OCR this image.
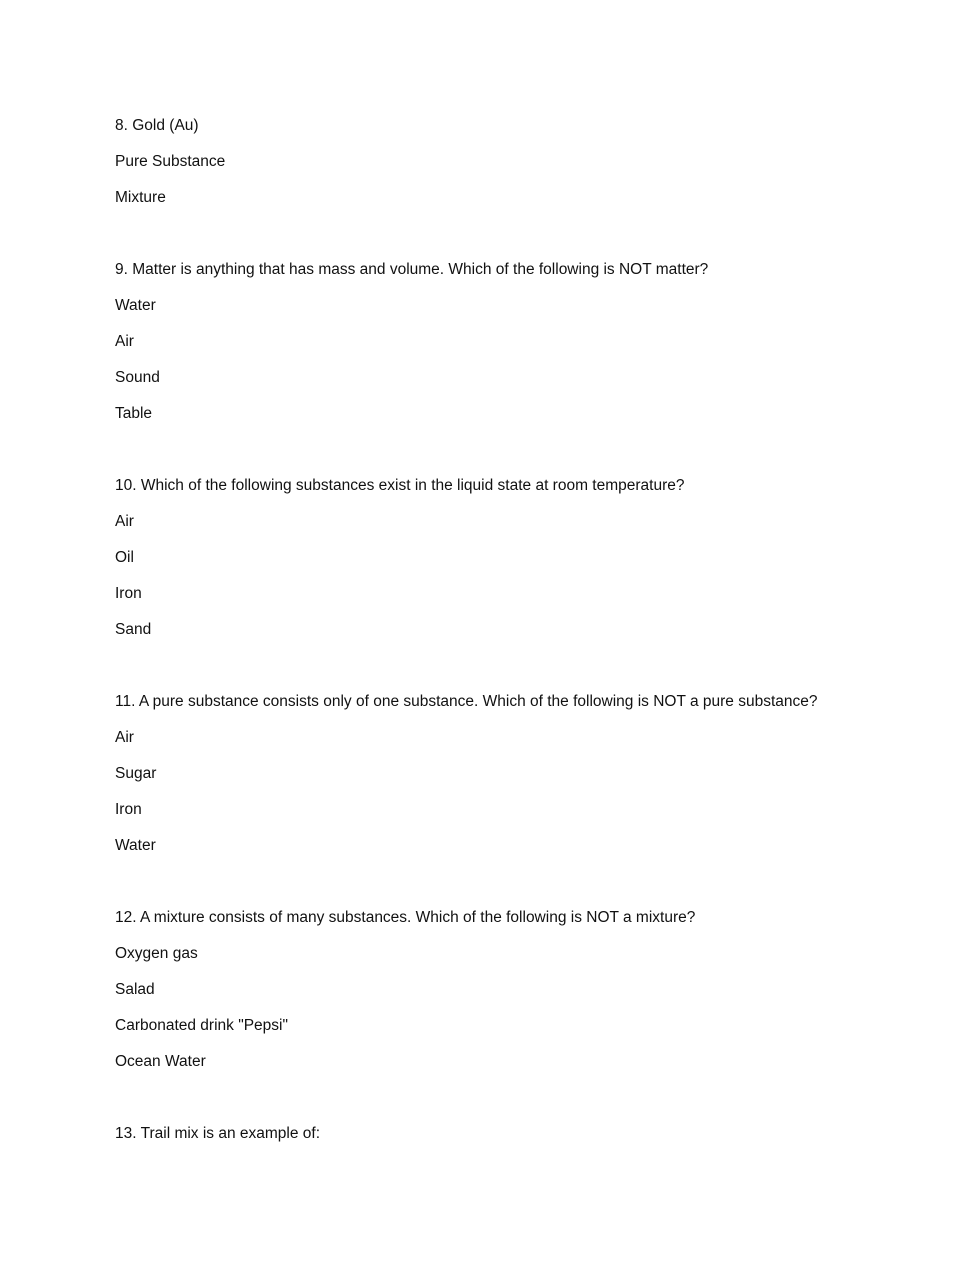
8. Gold (Au)
Pure Substance
Mixture
9. Matter is anything that has mass and volume. Which of the following is NOT matter?
Water
Air
Sound
Table
10. Which of the following substances exist in the liquid state at room temperature?
Air
Oil
Iron
Sand
11. A pure substance consists only of one substance. Which of the following is NOT a pure substance?
Air
Sugar
Iron
Water
12. A mixture consists of many substances. Which of the following is NOT a mixture?
Oxygen gas
Salad
Carbonated drink "Pepsi"
Ocean Water
13. Trail mix is an example of:
